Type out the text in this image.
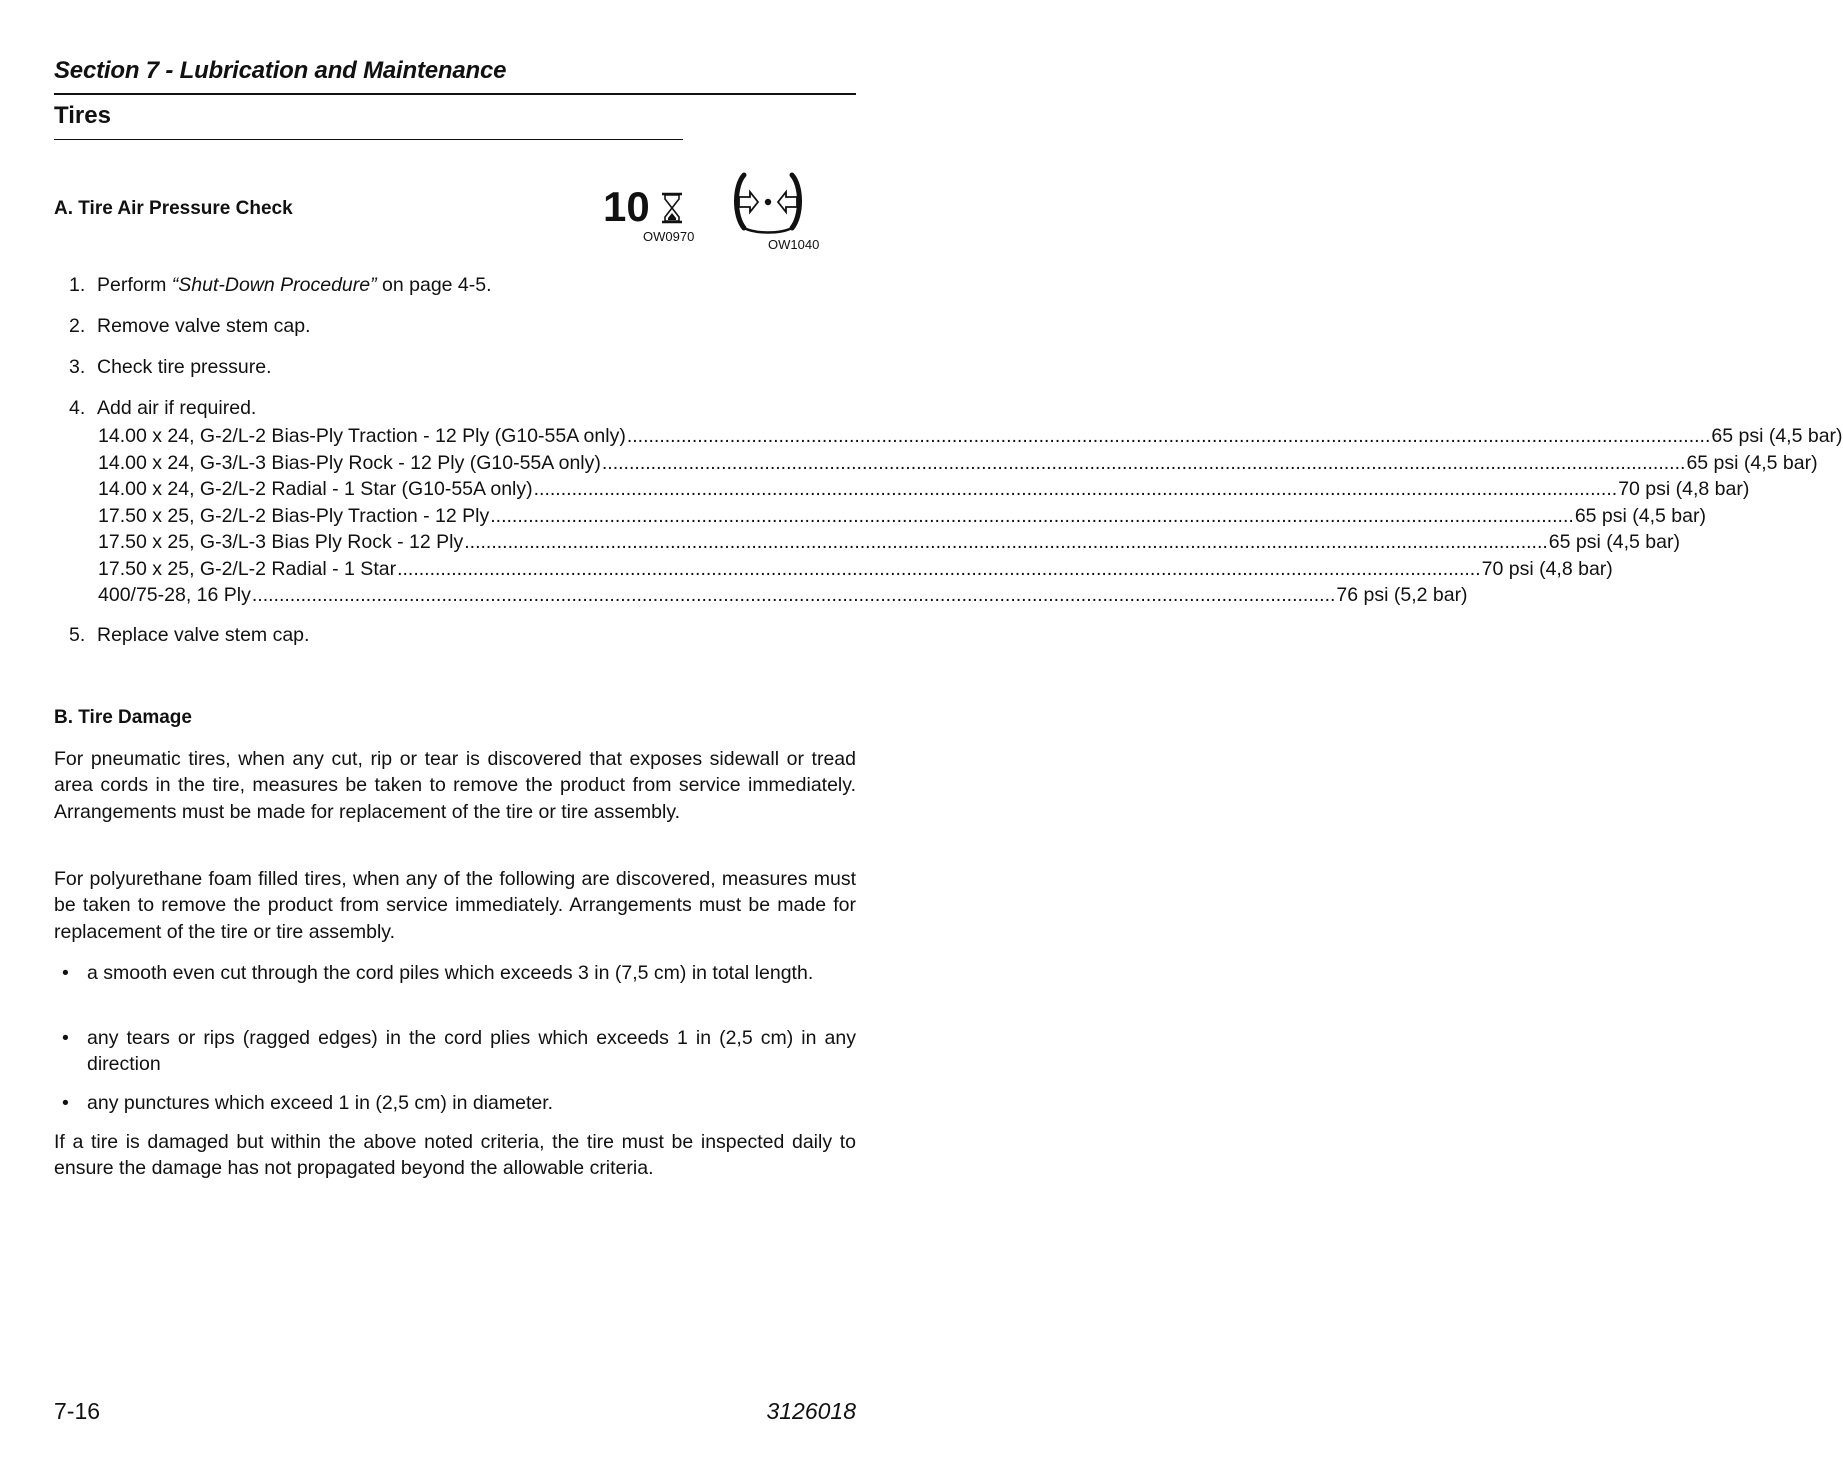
Section 7 - Lubrication and Maintenance
Tires
A. Tire Air Pressure Check	10
OW0970
OW1040
1. Perform “Shut-Down Procedure” on page 4-5.
2. Remove valve stem cap.
3. Check tire pressure.
4. Add air if required.
14.00 x 24, G-2/L-2 Bias-Ply Traction - 12 Ply (G10-55A only) ........................................................................................................................................................................................................ 65 psi (4,5 bar)
14.00 x 24, G-3/L-3 Bias-Ply Rock - 12 Ply (G10-55A only) ........................................................................................................................................................................................................ 65 psi (4,5 bar)
14.00 x 24, G-2/L-2 Radial - 1 Star (G10-55A only) ........................................................................................................................................................................................................ 70 psi (4,8 bar)
17.50 x 25, G-2/L-2 Bias-Ply Traction - 12 Ply ........................................................................................................................................................................................................ 65 psi (4,5 bar)
17.50 x 25, G-3/L-3 Bias Ply Rock - 12 Ply ........................................................................................................................................................................................................ 65 psi (4,5 bar)
17.50 x 25, G-2/L-2 Radial - 1 Star ........................................................................................................................................................................................................ 70 psi (4,8 bar)
400/75-28, 16 Ply ........................................................................................................................................................................................................ 76 psi (5,2 bar)
5. Replace valve stem cap.
B. Tire Damage
For pneumatic tires, when any cut, rip or tear is discovered that exposes sidewall or tread area cords in the tire, measures be taken to remove the product from service immediately. Arrangements must be made for replacement of the tire or tire assembly.
For polyurethane foam filled tires, when any of the following are discovered, measures must be taken to remove the product from service immediately. Arrangements must be made for replacement of the tire or tire assembly.
• a smooth even cut through the cord piles which exceeds 3 in (7,5 cm) in total length.
• any tears or rips (ragged edges) in the cord plies which exceeds 1 in (2,5 cm) in any direction
• any punctures which exceed 1 in (2,5 cm) in diameter.
If a tire is damaged but within the above noted criteria, the tire must be inspected daily to ensure the damage has not propagated beyond the allowable criteria.
7-16	3126018
